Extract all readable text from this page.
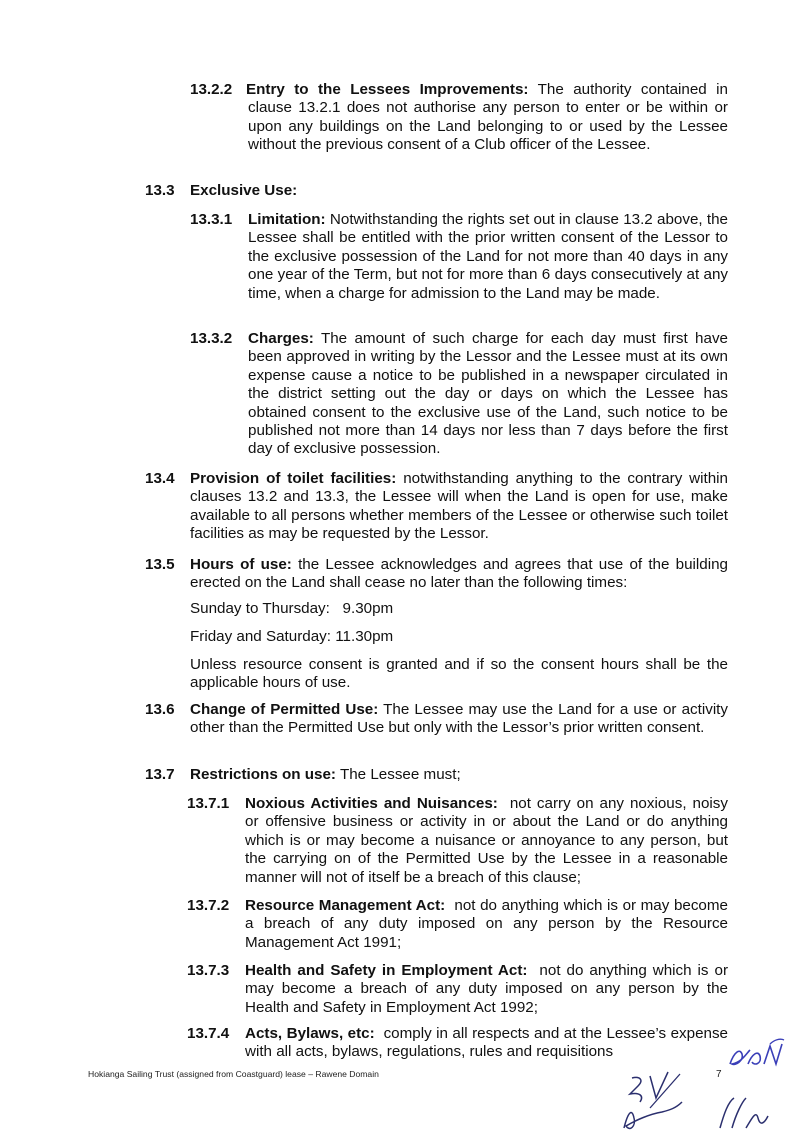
13.2.2 Entry to the Lessees Improvements: The authority contained in clause 13.2.1 does not authorise any person to enter or be within or upon any buildings on the Land belonging to or used by the Lessee without the previous consent of a Club officer of the Lessee.

13.3 Exclusive Use:
13.3.1 Limitation: Notwithstanding the rights set out in clause 13.2 above, the Lessee shall be entitled with the prior written consent of the Lessor to the exclusive possession of the Land for not more than 40 days in any one year of the Term, but not for more than 6 days consecutively at any time, when a charge for admission to the Land may be made.

13.3.2 Charges: The amount of such charge for each day must first have been approved in writing by the Lessor and the Lessee must at its own expense cause a notice to be published in a newspaper circulated in the district setting out the day or days on which the Lessee has obtained consent to the exclusive use of the Land, such notice to be published not more than 14 days nor less than 7 days before the first day of exclusive possession.

13.4 Provision of toilet facilities: notwithstanding anything to the contrary within clauses 13.2 and 13.3, the Lessee will when the Land is open for use, make available to all persons whether members of the Lessee or otherwise such toilet facilities as may be requested by the Lessor.

13.5 Hours of use: the Lessee acknowledges and agrees that use of the building erected on the Land shall cease no later than the following times:

Sunday to Thursday: 9.30pm
Friday and Saturday: 11.30pm

Unless resource consent is granted and if so the consent hours shall be the applicable hours of use.

13.6 Change of Permitted Use: The Lessee may use the Land for a use or activity other than the Permitted Use but only with the Lessor’s prior written consent.

13.7 Restrictions on use: The Lessee must;
13.7.1 Noxious Activities and Nuisances: not carry on any noxious, noisy or offensive business or activity in or about the Land or do anything which is or may become a nuisance or annoyance to any person, but the carrying on of the Permitted Use by the Lessee in a reasonable manner will not of itself be a breach of this clause;

13.7.2 Resource Management Act: not do anything which is or may become a breach of any duty imposed on any person by the Resource Management Act 1991;

13.7.3 Health and Safety in Employment Act: not do anything which is or may become a breach of any duty imposed on any person by the Health and Safety in Employment Act 1992;

13.7.4 Acts, Bylaws, etc: comply in all respects and at the Lessee’s expense with all acts, bylaws, regulations, rules and requisitions

Hokianga Sailing Trust (assigned from Coastguard) lease – Rawene Domain	7
